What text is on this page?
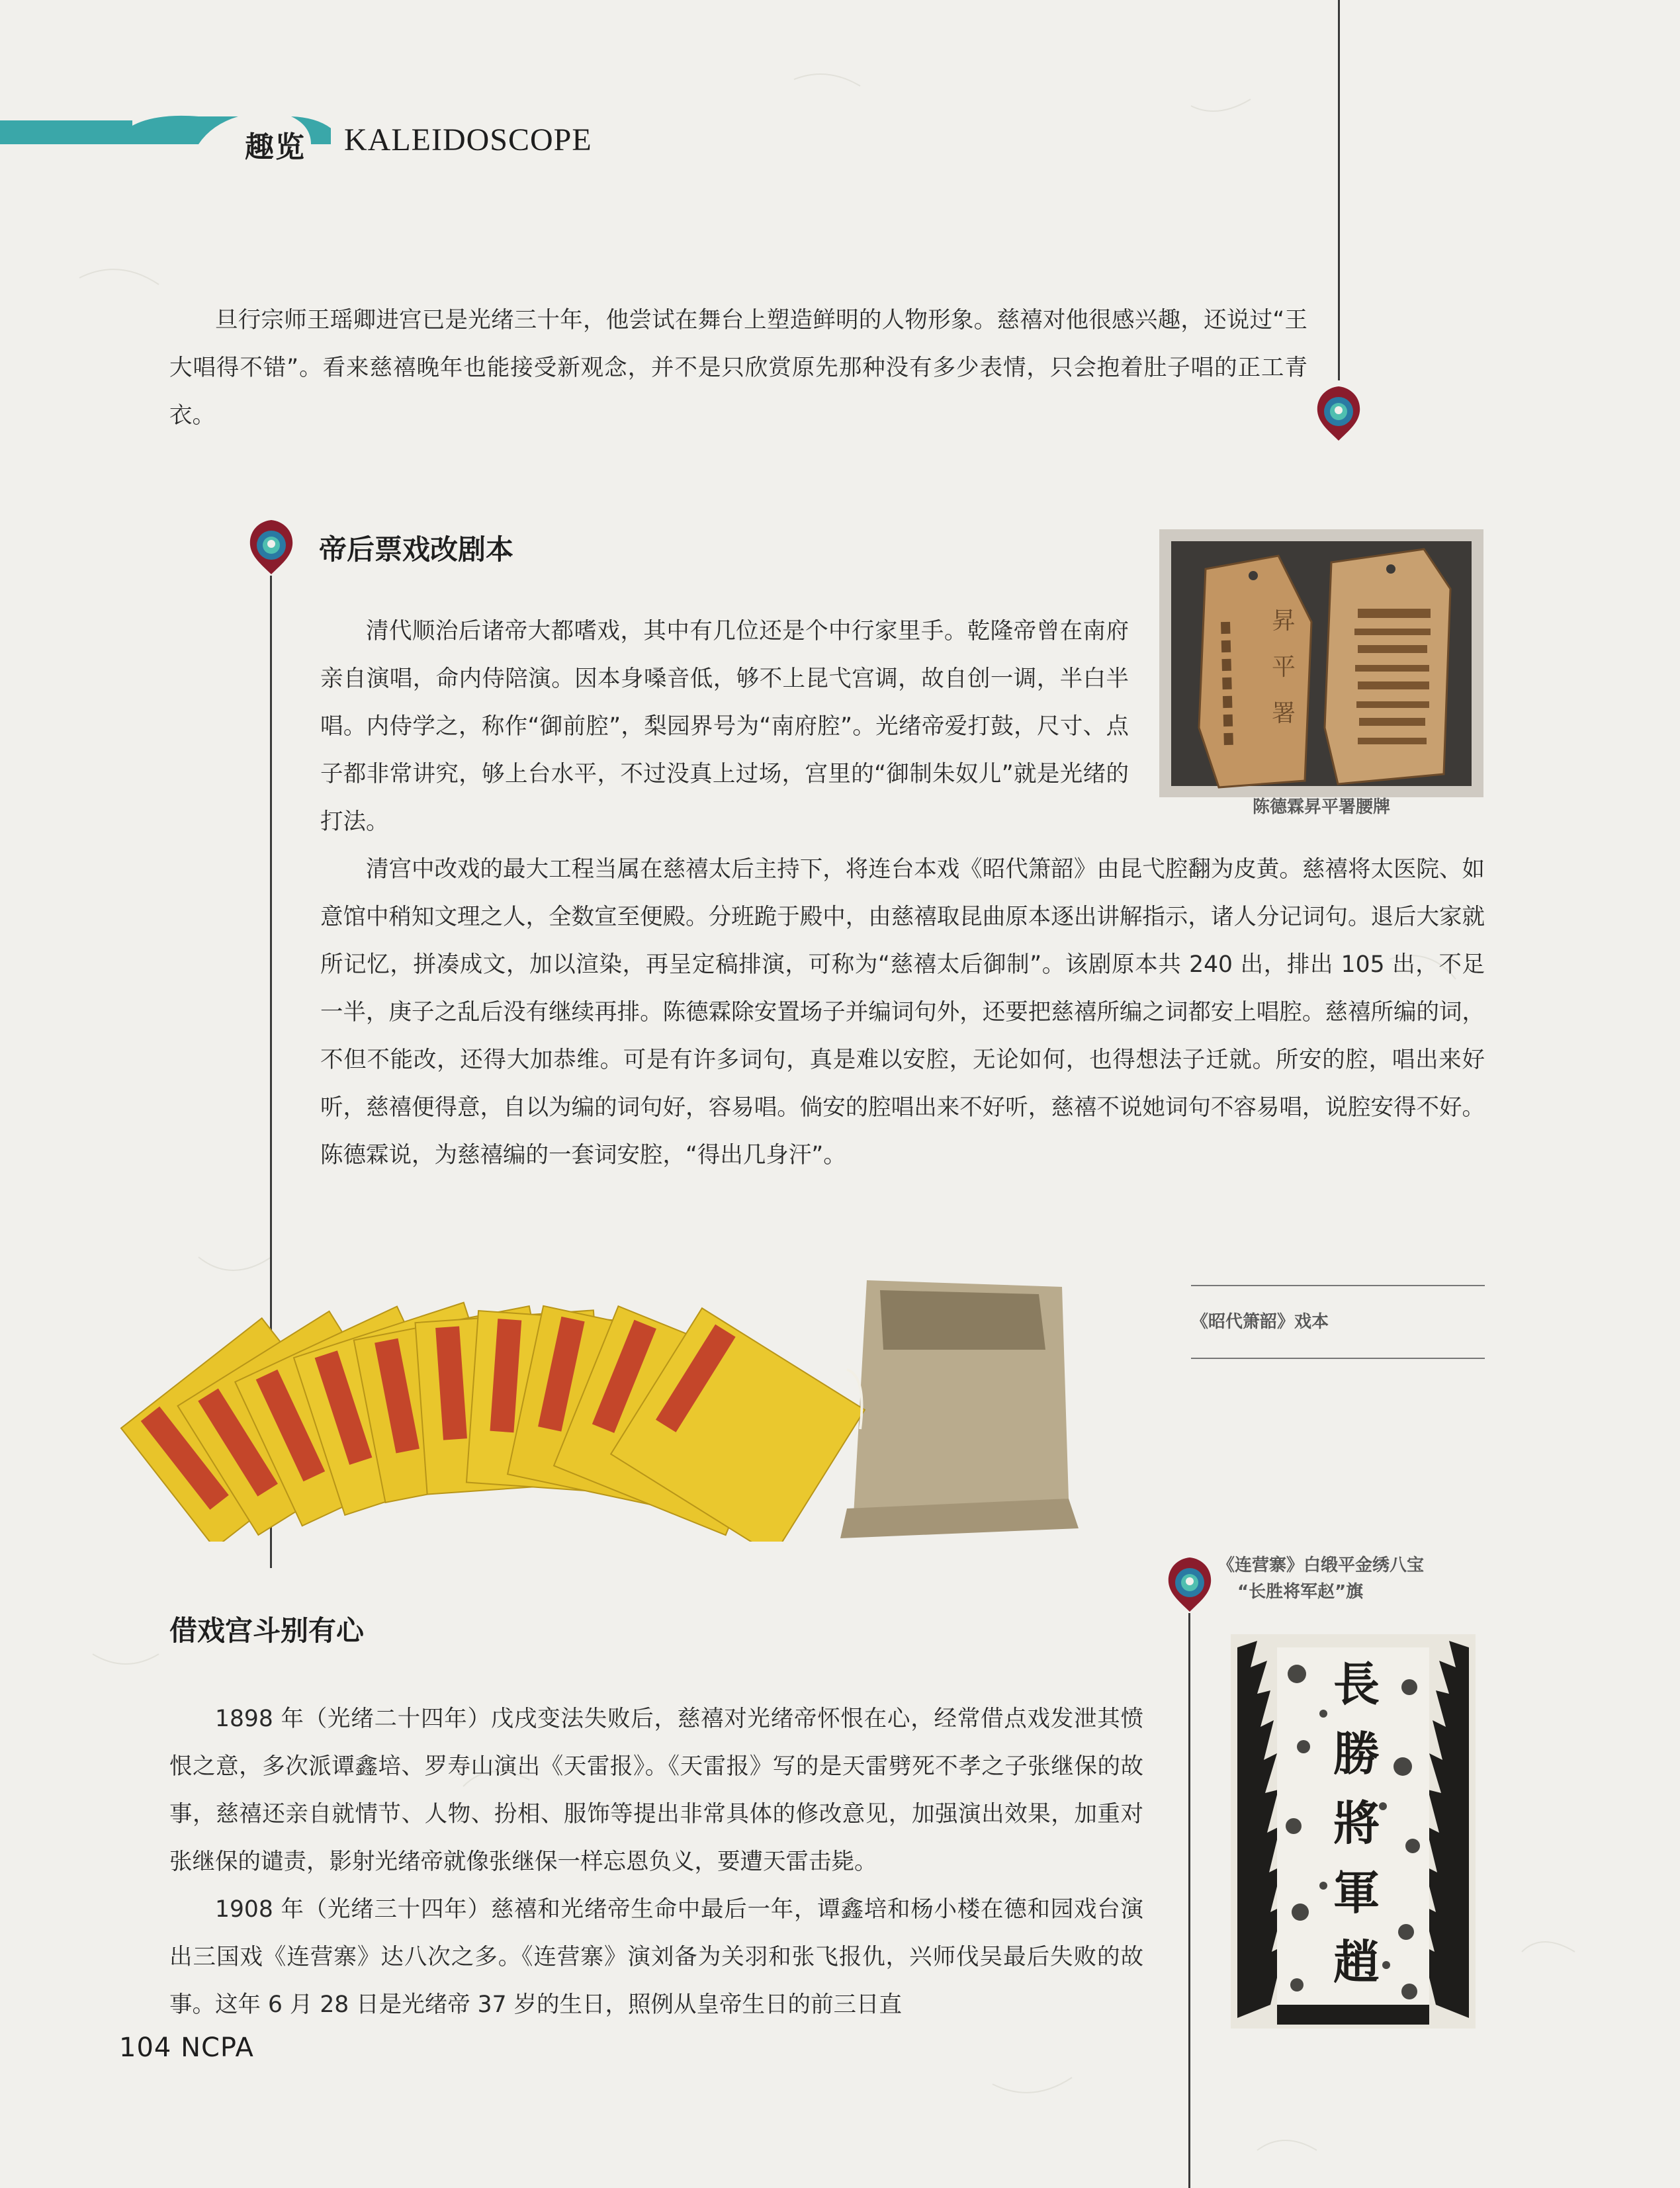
趣览 KALEIDOSCOPE

旦行宗师王瑶卿进宫已是光绪三十年，他尝试在舞台上塑造鲜明的人物形象。慈禧对他很感兴趣，还说过“王大唱得不错”。看来慈禧晚年也能接受新观念，并不是只欣赏原先那种没有多少表情，只会抱着肚子唱的正工青衣。

帝后票戏改剧本
昇
平
署
陈德霖昇平署腰牌

清代顺治后诸帝大都嗜戏，其中有几位还是个中行家里手。乾隆帝曾在南府亲自演唱，命内侍陪演。因本身嗓音低，够不上昆弋宫调，故自创一调，半白半唱。内侍学之，称作“御前腔”，梨园界号为“南府腔”。光绪帝爱打鼓，尺寸、点子都非常讲究，够上台水平，不过没真上过场，宫里的“御制朱奴儿”就是光绪的打法。

清宫中改戏的最大工程当属在慈禧太后主持下，将连台本戏《昭代箫韶》由昆弋腔翻为皮黄。慈禧将太医院、如意馆中稍知文理之人，全数宣至便殿。分班跪于殿中，由慈禧取昆曲原本逐出讲解指示，诸人分记词句。退后大家就所记忆，拼凑成文，加以渲染，再呈定稿排演，可称为“慈禧太后御制”。该剧原本共 240 出，排出 105 出，不足一半，庚子之乱后没有继续再排。陈德霖除安置场子并编词句外，还要把慈禧所编之词都安上唱腔。慈禧所编的词，不但不能改，还得大加恭维。可是有许多词句，真是难以安腔，无论如何，也得想法子迁就。所安的腔，唱出来好听，慈禧便得意，自以为编的词句好，容易唱。倘安的腔唱出来不好听，慈禧不说她词句不容易唱，说腔安得不好。陈德霖说，为慈禧编的一套词安腔，“得出几身汗”。

《昭代箫韶》戏本
《连营寨》白缎平金绣八宝
“长胜将军赵”旗
長
勝
將
軍
趙
借戏宫斗别有心

1898 年（光绪二十四年）戊戌变法失败后，慈禧对光绪帝怀恨在心，经常借点戏发泄其愤恨之意，多次派谭鑫培、罗寿山演出《天雷报》。《天雷报》写的是天雷劈死不孝之子张继保的故事，慈禧还亲自就情节、人物、扮相、服饰等提出非常具体的修改意见，加强演出效果，加重对张继保的谴责，影射光绪帝就像张继保一样忘恩负义，要遭天雷击毙。

1908 年（光绪三十四年）慈禧和光绪帝生命中最后一年，谭鑫培和杨小楼在德和园戏台演出三国戏《连营寨》达八次之多。《连营寨》演刘备为关羽和张飞报仇，兴师伐吴最后失败的故事。这年 6 月 28 日是光绪帝 37 岁的生日，照例从皇帝生日的前三日直

104 NCPA
